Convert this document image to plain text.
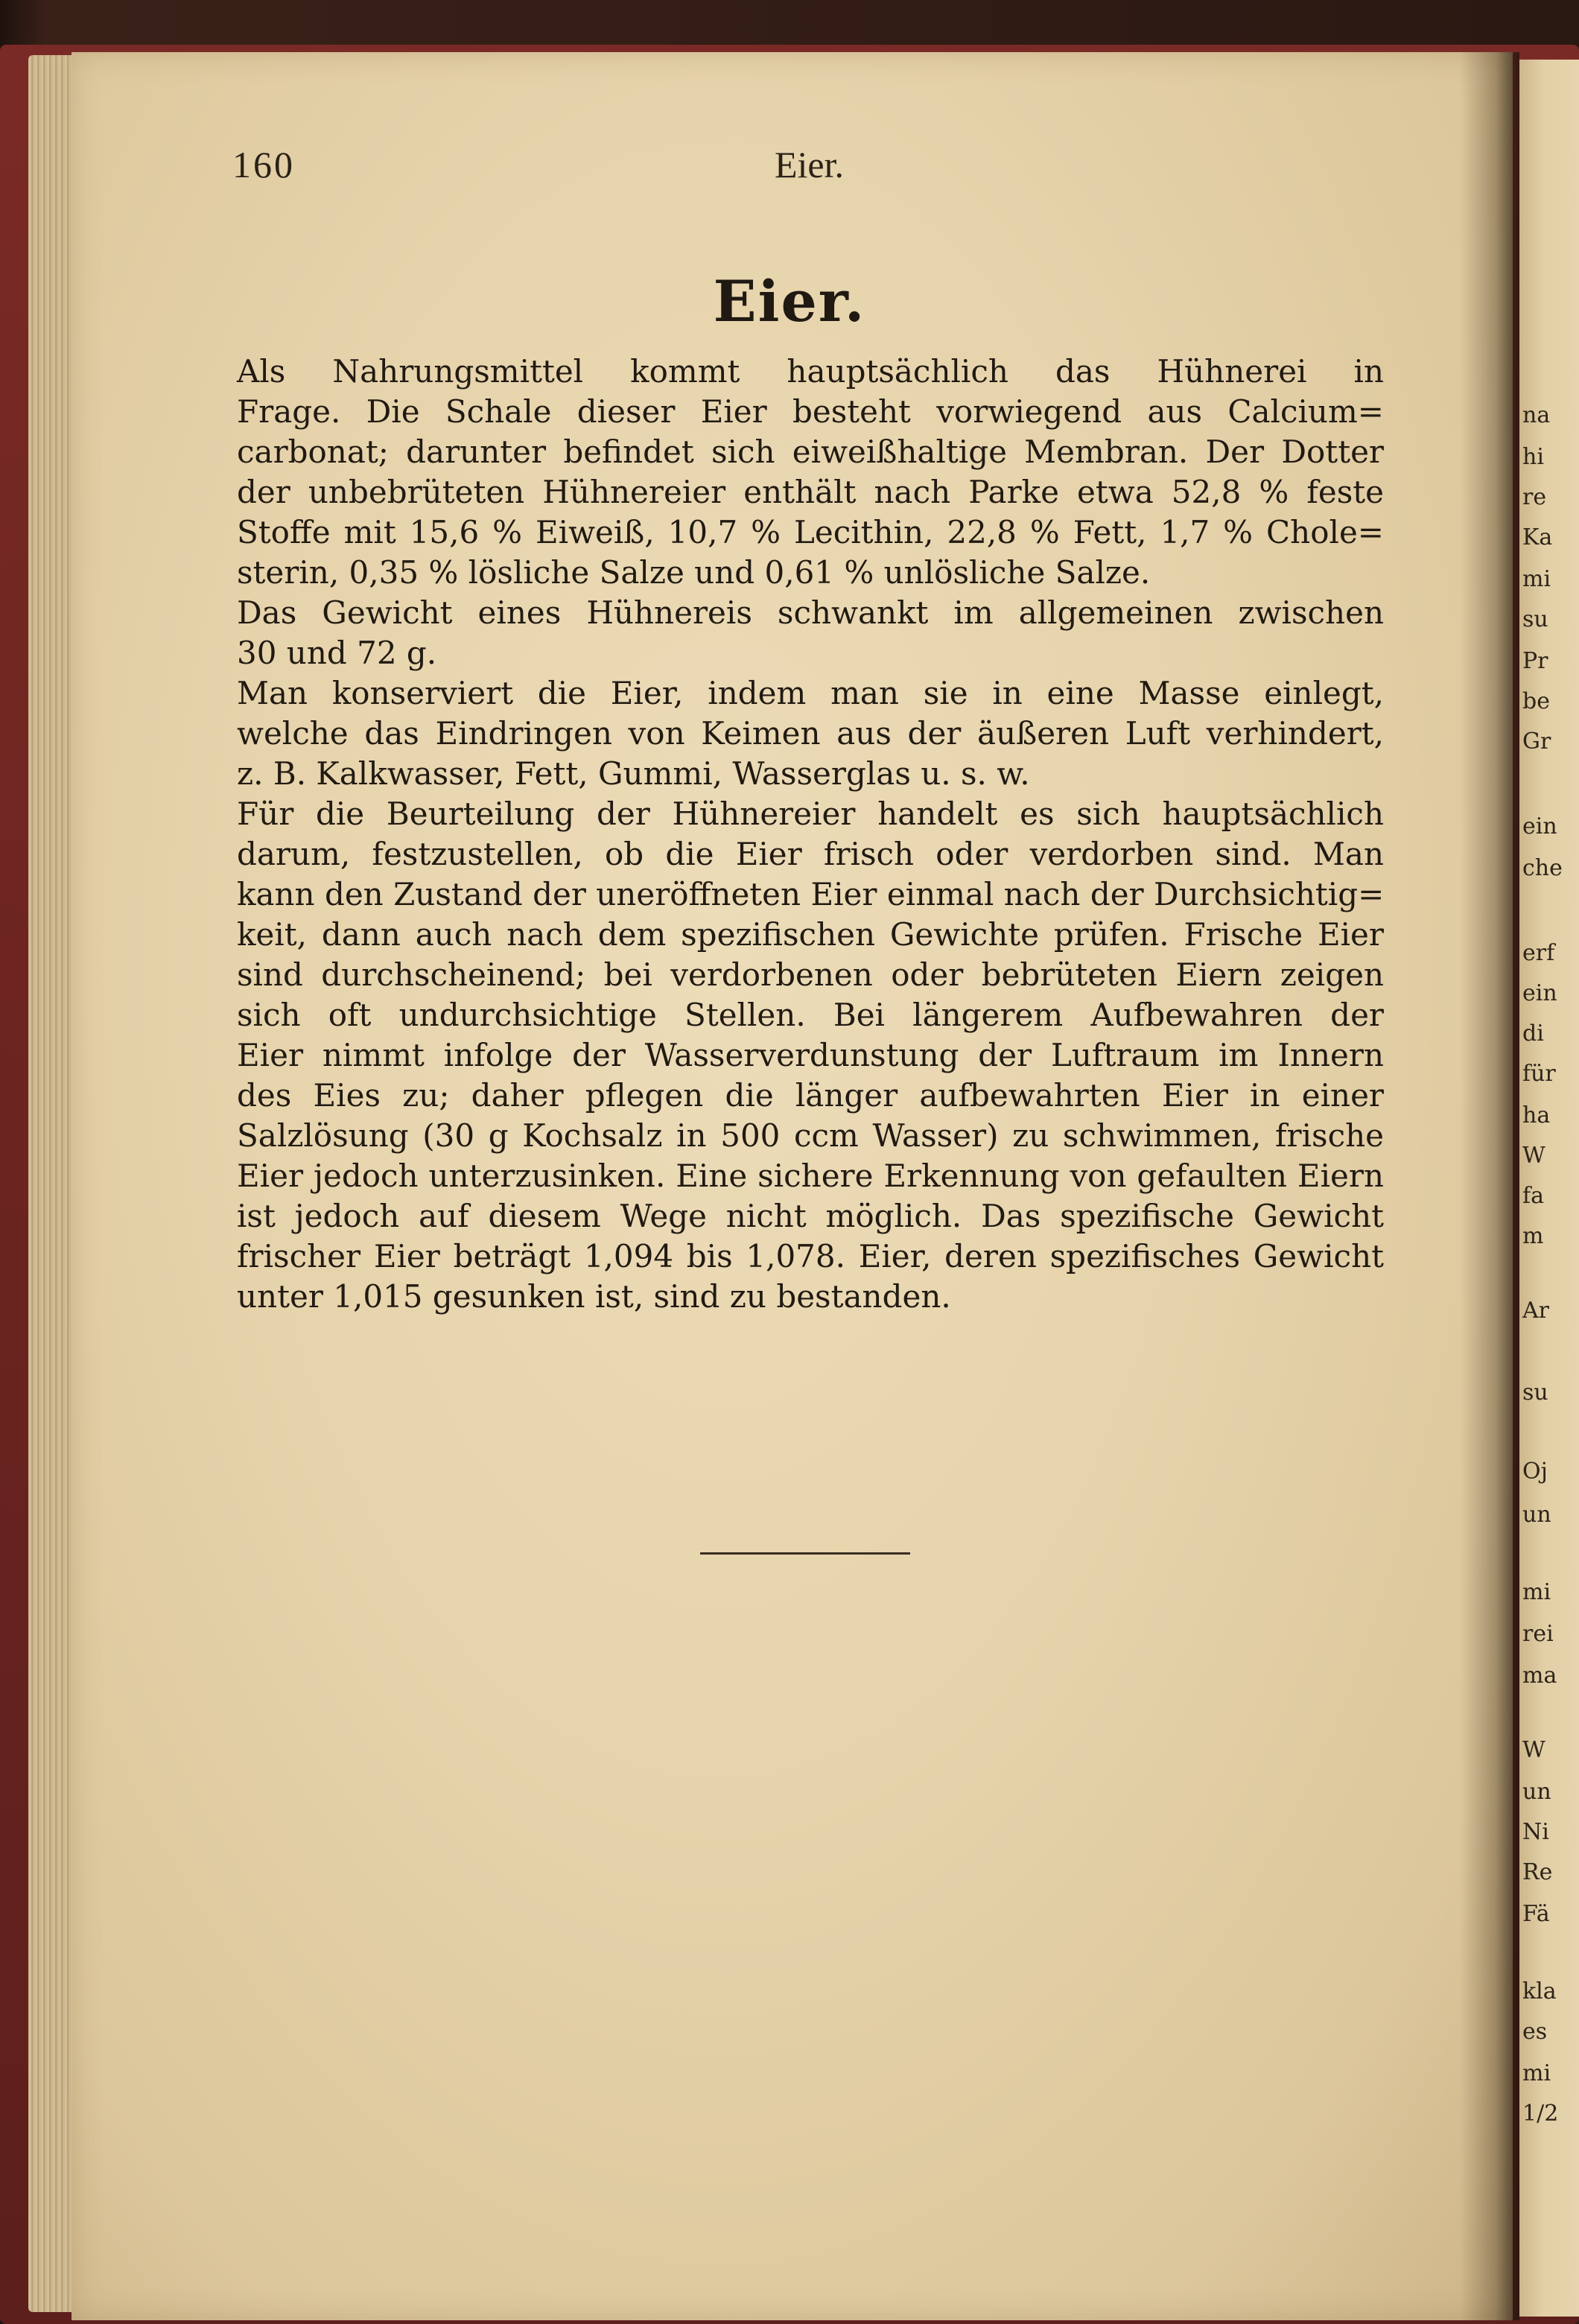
na
hi
re
Ka
mi
su
Pr
be
Gr
ein
che
erf
ein
di
für
ha
W
fa
m
Ar
su
Oj
un
mi
rei
ma
W
un
Ni
Re
Fä
kla
es
mi
1/2
160	Eier.
Eier.
Als Nahrungsmittel kommt hauptsächlich das Hühnerei in
Frage. Die Schale dieser Eier besteht vorwiegend aus Calcium=
carbonat; darunter befindet sich eiweißhaltige Membran. Der Dotter
der unbebrüteten Hühnereier enthält nach Parke etwa 52,8 % feste
Stoffe mit 15,6 % Eiweiß, 10,7 % Lecithin, 22,8 % Fett, 1,7 % Chole=
sterin, 0,35 % lösliche Salze und 0,61 % unlösliche Salze.
Das Gewicht eines Hühnereis schwankt im allgemeinen zwischen
30 und 72 g.
Man konserviert die Eier, indem man sie in eine Masse einlegt,
welche das Eindringen von Keimen aus der äußeren Luft verhindert,
z. B. Kalkwasser, Fett, Gummi, Wasserglas u. s. w.
Für die Beurteilung der Hühnereier handelt es sich hauptsächlich
darum, festzustellen, ob die Eier frisch oder verdorben sind. Man
kann den Zustand der uneröffneten Eier einmal nach der Durchsichtig=
keit, dann auch nach dem spezifischen Gewichte prüfen. Frische Eier
sind durchscheinend; bei verdorbenen oder bebrüteten Eiern zeigen
sich oft undurchsichtige Stellen. Bei längerem Aufbewahren der
Eier nimmt infolge der Wasserverdunstung der Luftraum im Innern
des Eies zu; daher pflegen die länger aufbewahrten Eier in einer
Salzlösung (30 g Kochsalz in 500 ccm Wasser) zu schwimmen, frische
Eier jedoch unterzusinken. Eine sichere Erkennung von gefaulten Eiern
ist jedoch auf diesem Wege nicht möglich. Das spezifische Gewicht
frischer Eier beträgt 1,094 bis 1,078. Eier, deren spezifisches Gewicht
unter 1,015 gesunken ist, sind zu bestanden.
